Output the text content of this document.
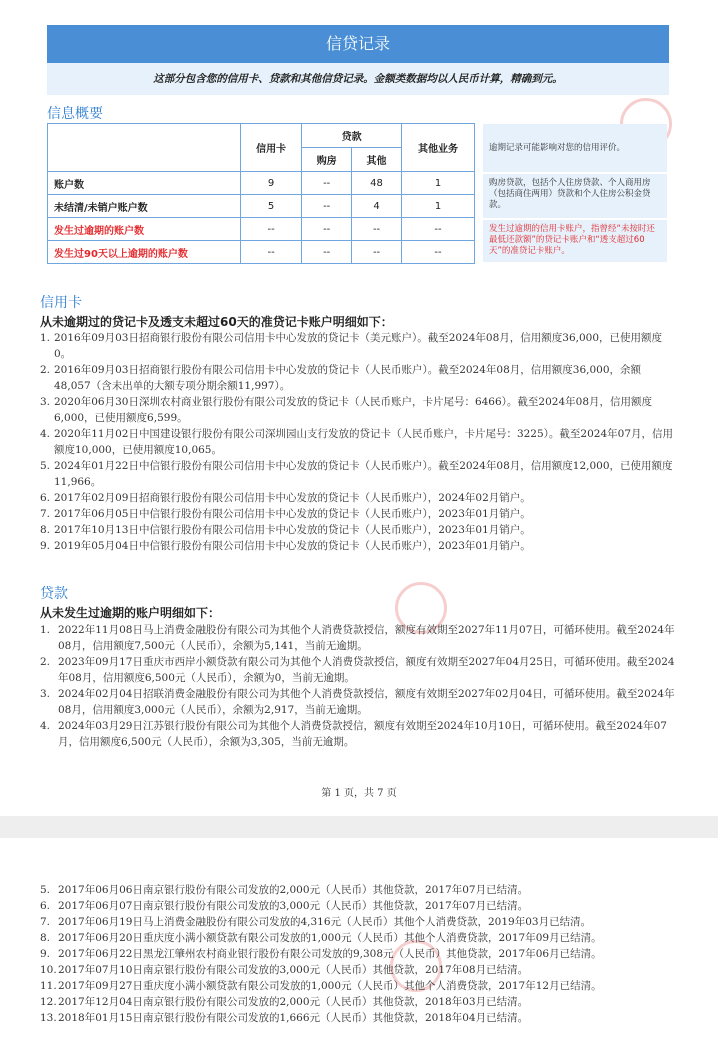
信贷记录
这部分包含您的信用卡、贷款和其他信贷记录。金额类数据均以人民币计算，精确到元。
信息概要
	信用卡	贷款		其他业务
		购房	其他	
账户数	9	--	48	1
未结清/未销户账户数	5	--	4	1
发生过逾期的账户数	--	--	--	--
发生过90天以上逾期的账户数	--	--	--	--
逾期记录可能影响对您的信用评价。
购房贷款，包括个人住房贷款、个人商用房（包括商住两用）贷款和个人住房公积金贷款。
发生过逾期的信用卡账户，指曾经“未按时还最低还款额”的贷记卡账户和“透支超过60天”的准贷记卡账户。
信用卡
从未逾期过的贷记卡及透支未超过60天的准贷记卡账户明细如下：
1. 2016年09月03日招商银行股份有限公司信用卡中心发放的贷记卡（美元账户）。截至2024年08月，信用额度36,000，已使用额度0。
2. 2016年09月03日招商银行股份有限公司信用卡中心发放的贷记卡（人民币账户）。截至2024年08月，信用额度36,000，余额48,057（含未出单的大额专项分期余额11,997）。
3. 2020年06月30日深圳农村商业银行股份有限公司发放的贷记卡（人民币账户，卡片尾号：6466）。截至2024年08月，信用额度6,000，已使用额度6,599。
4. 2020年11月02日中国建设银行股份有限公司深圳园山支行发放的贷记卡（人民币账户，卡片尾号：3225）。截至2024年07月，信用额度10,000，已使用额度10,065。
5. 2024年01月22日中信银行股份有限公司信用卡中心发放的贷记卡（人民币账户）。截至2024年08月，信用额度12,000，已使用额度11,966。
6. 2017年02月09日招商银行股份有限公司信用卡中心发放的贷记卡（人民币账户），2024年02月销户。
7. 2017年06月05日中信银行股份有限公司信用卡中心发放的贷记卡（人民币账户），2023年01月销户。
8. 2017年10月13日中信银行股份有限公司信用卡中心发放的贷记卡（人民币账户），2023年01月销户。
9. 2019年05月04日中信银行股份有限公司信用卡中心发放的贷记卡（人民币账户），2023年01月销户。
贷款
从未发生过逾期的账户明细如下：
1. 2022年11月08日马上消费金融股份有限公司为其他个人消费贷款授信，额度有效期至2027年11月07日，可循环使用。截至2024年08月，信用额度7,500元（人民币），余额为5,141，当前无逾期。
2. 2023年09月17日重庆市西岸小额贷款有限公司为其他个人消费贷款授信，额度有效期至2027年04月25日，可循环使用。截至2024年08月，信用额度6,500元（人民币），余额为0，当前无逾期。
3. 2024年02月04日招联消费金融股份有限公司为其他个人消费贷款授信，额度有效期至2027年02月04日，可循环使用。截至2024年08月，信用额度3,000元（人民币），余额为2,917，当前无逾期。
4. 2024年03月29日江苏银行股份有限公司为其他个人消费贷款授信，额度有效期至2024年10月10日，可循环使用。截至2024年07月，信用额度6,500元（人民币），余额为3,305，当前无逾期。
第 1 页，共 7 页
5. 2017年06月06日南京银行股份有限公司发放的2,000元（人民币）其他贷款，2017年07月已结清。
6. 2017年06月07日南京银行股份有限公司发放的3,000元（人民币）其他贷款，2017年07月已结清。
7. 2017年06月19日马上消费金融股份有限公司发放的4,316元（人民币）其他个人消费贷款，2019年03月已结清。
8. 2017年06月20日重庆度小满小额贷款有限公司发放的1,000元（人民币）其他个人消费贷款，2017年09月已结清。
9. 2017年06月22日黑龙江肇州农村商业银行股份有限公司发放的9,308元（人民币）其他贷款，2017年06月已结清。
10.2017年07月10日南京银行股份有限公司发放的3,000元（人民币）其他贷款，2017年08月已结清。
11.2017年09月27日重庆度小满小额贷款有限公司发放的1,000元（人民币）其他个人消费贷款，2017年12月已结清。
12.2017年12月04日南京银行股份有限公司发放的2,000元（人民币）其他贷款，2018年03月已结清。
13.2018年01月15日南京银行股份有限公司发放的1,666元（人民币）其他贷款，2018年04月已结清。
